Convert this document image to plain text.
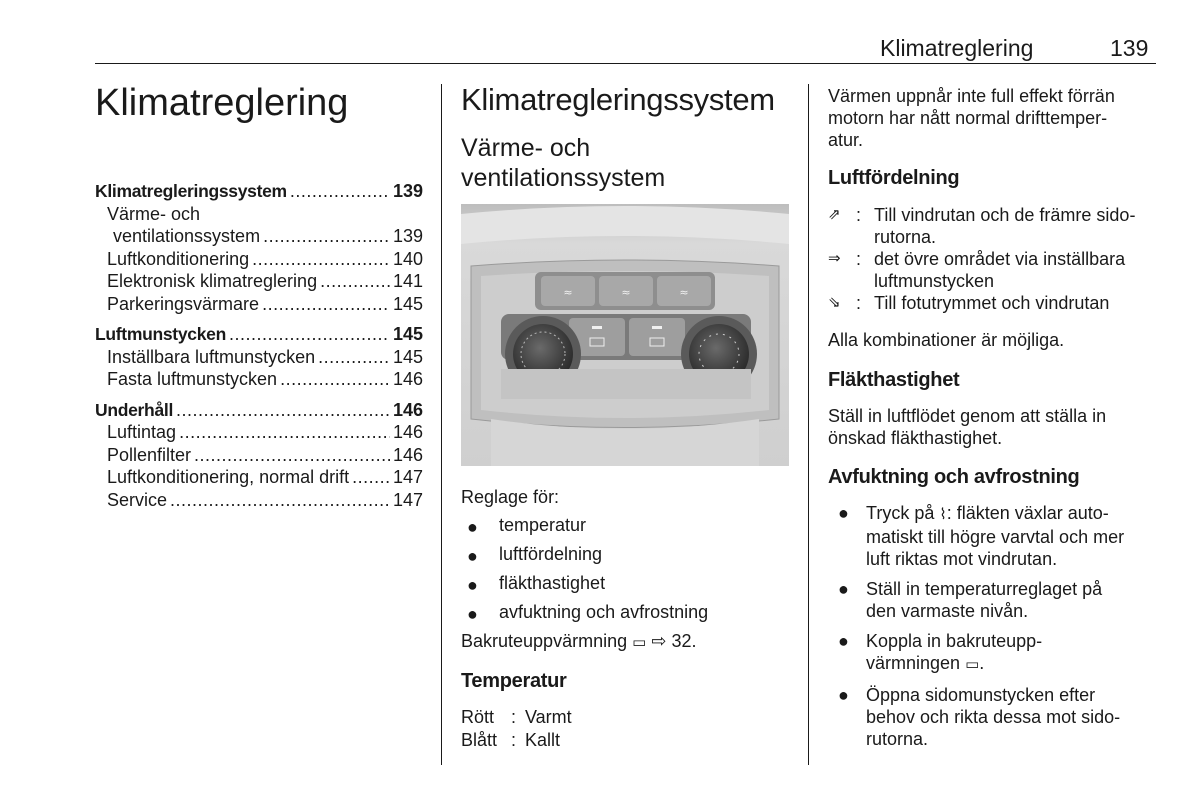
Klimatreglering	139
Klimatreglering
Klimatregleringssystem .....	139
Värme- och
ventilationssystem .....	139
Luftkonditionering .....	140
Elektronisk klimatreglering .....	141
Parkeringsvärmare .....	145
Luftmunstycken .....	145
Inställbara luftmunstycken .....	145
Fasta luftmunstycken .....	146
Underhåll .....	146
Luftintag .....	146
Pollenfilter .....	146
Luftkonditionering, normal drift ..... 147
Service .....	147
Klimatregleringssystem
Värme- och
ventilationssystem
≈	≈	≈
Reglage för:
● temperatur
● luftfördelning
● fläkthastighet
● avfuktning och avfrostning
Bakruteuppvärmning ▭ ⇨ 32.
Temperatur
Rött : Varmt
Blått : Kallt
Värmen uppnår inte full effekt förrän
motorn har nått normal drifttemper-
atur.
Luftfördelning
⇗ : Till vindrutan och de främre sido-
rutorna.
⇒ : det övre området via inställbara
luftmunstycken
⇘ : Till fotutrymmet och vindrutan
Alla kombinationer är möjliga.
Fläkthastighet
Ställ in luftflödet genom att ställa in
önskad fläkthastighet.
Avfuktning och avfrostning
● Tryck på ⌇: fläkten växlar auto-
matiskt till högre varvtal och mer
luft riktas mot vindrutan.
● Ställ in temperaturreglaget på
den varmaste nivån.
● Koppla in bakruteupp-
värmningen ▭.
● Öppna sidomunstycken efter
behov och rikta dessa mot sido-
rutorna.
